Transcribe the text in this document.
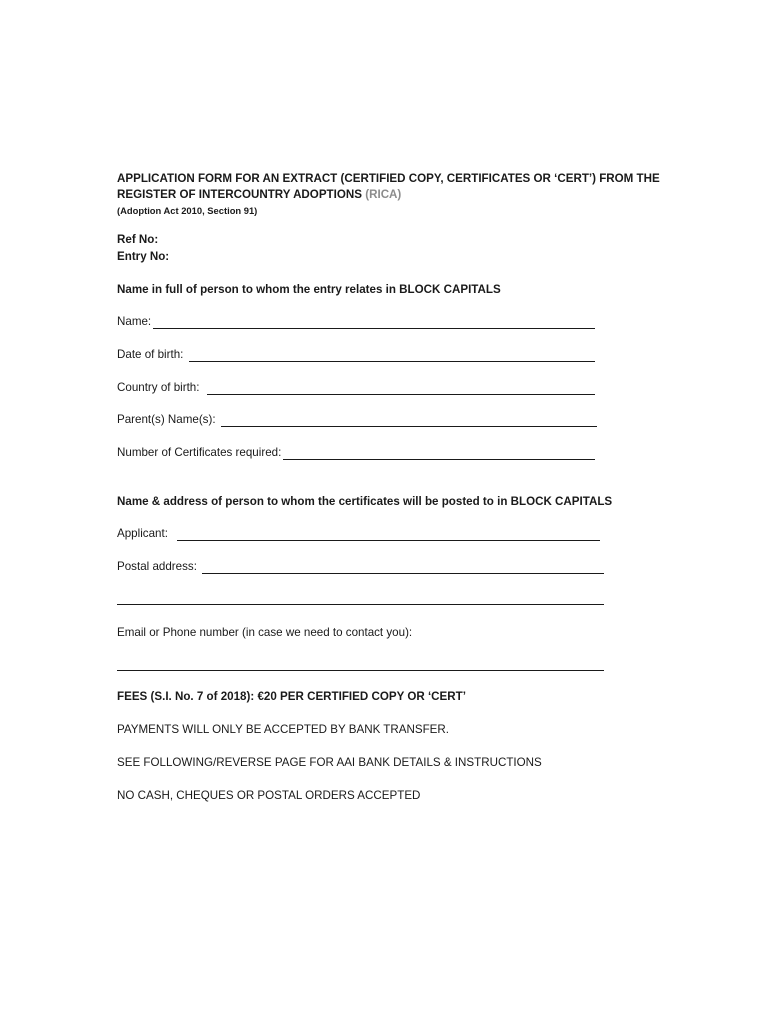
APPLICATION FORM FOR AN EXTRACT (CERTIFIED COPY, CERTIFICATES OR ‘CERT’) FROM THE
REGISTER OF INTERCOUNTRY ADOPTIONS (RICA)
(Adoption Act 2010, Section 91)
Ref No:
Entry No:
Name in full of person to whom the entry relates in BLOCK CAPITALS
Name:
Date of birth:
Country of birth:
Parent(s) Name(s):
Number of Certificates required:
Name & address of person to whom the certificates will be posted to in BLOCK CAPITALS
Applicant:
Postal address:
Email or Phone number (in case we need to contact you):
FEES (S.I. No. 7 of 2018): €20 PER CERTIFIED COPY OR ‘CERT’
PAYMENTS WILL ONLY BE ACCEPTED BY BANK TRANSFER.
SEE FOLLOWING/REVERSE PAGE FOR AAI BANK DETAILS & INSTRUCTIONS
NO CASH, CHEQUES OR POSTAL ORDERS ACCEPTED
